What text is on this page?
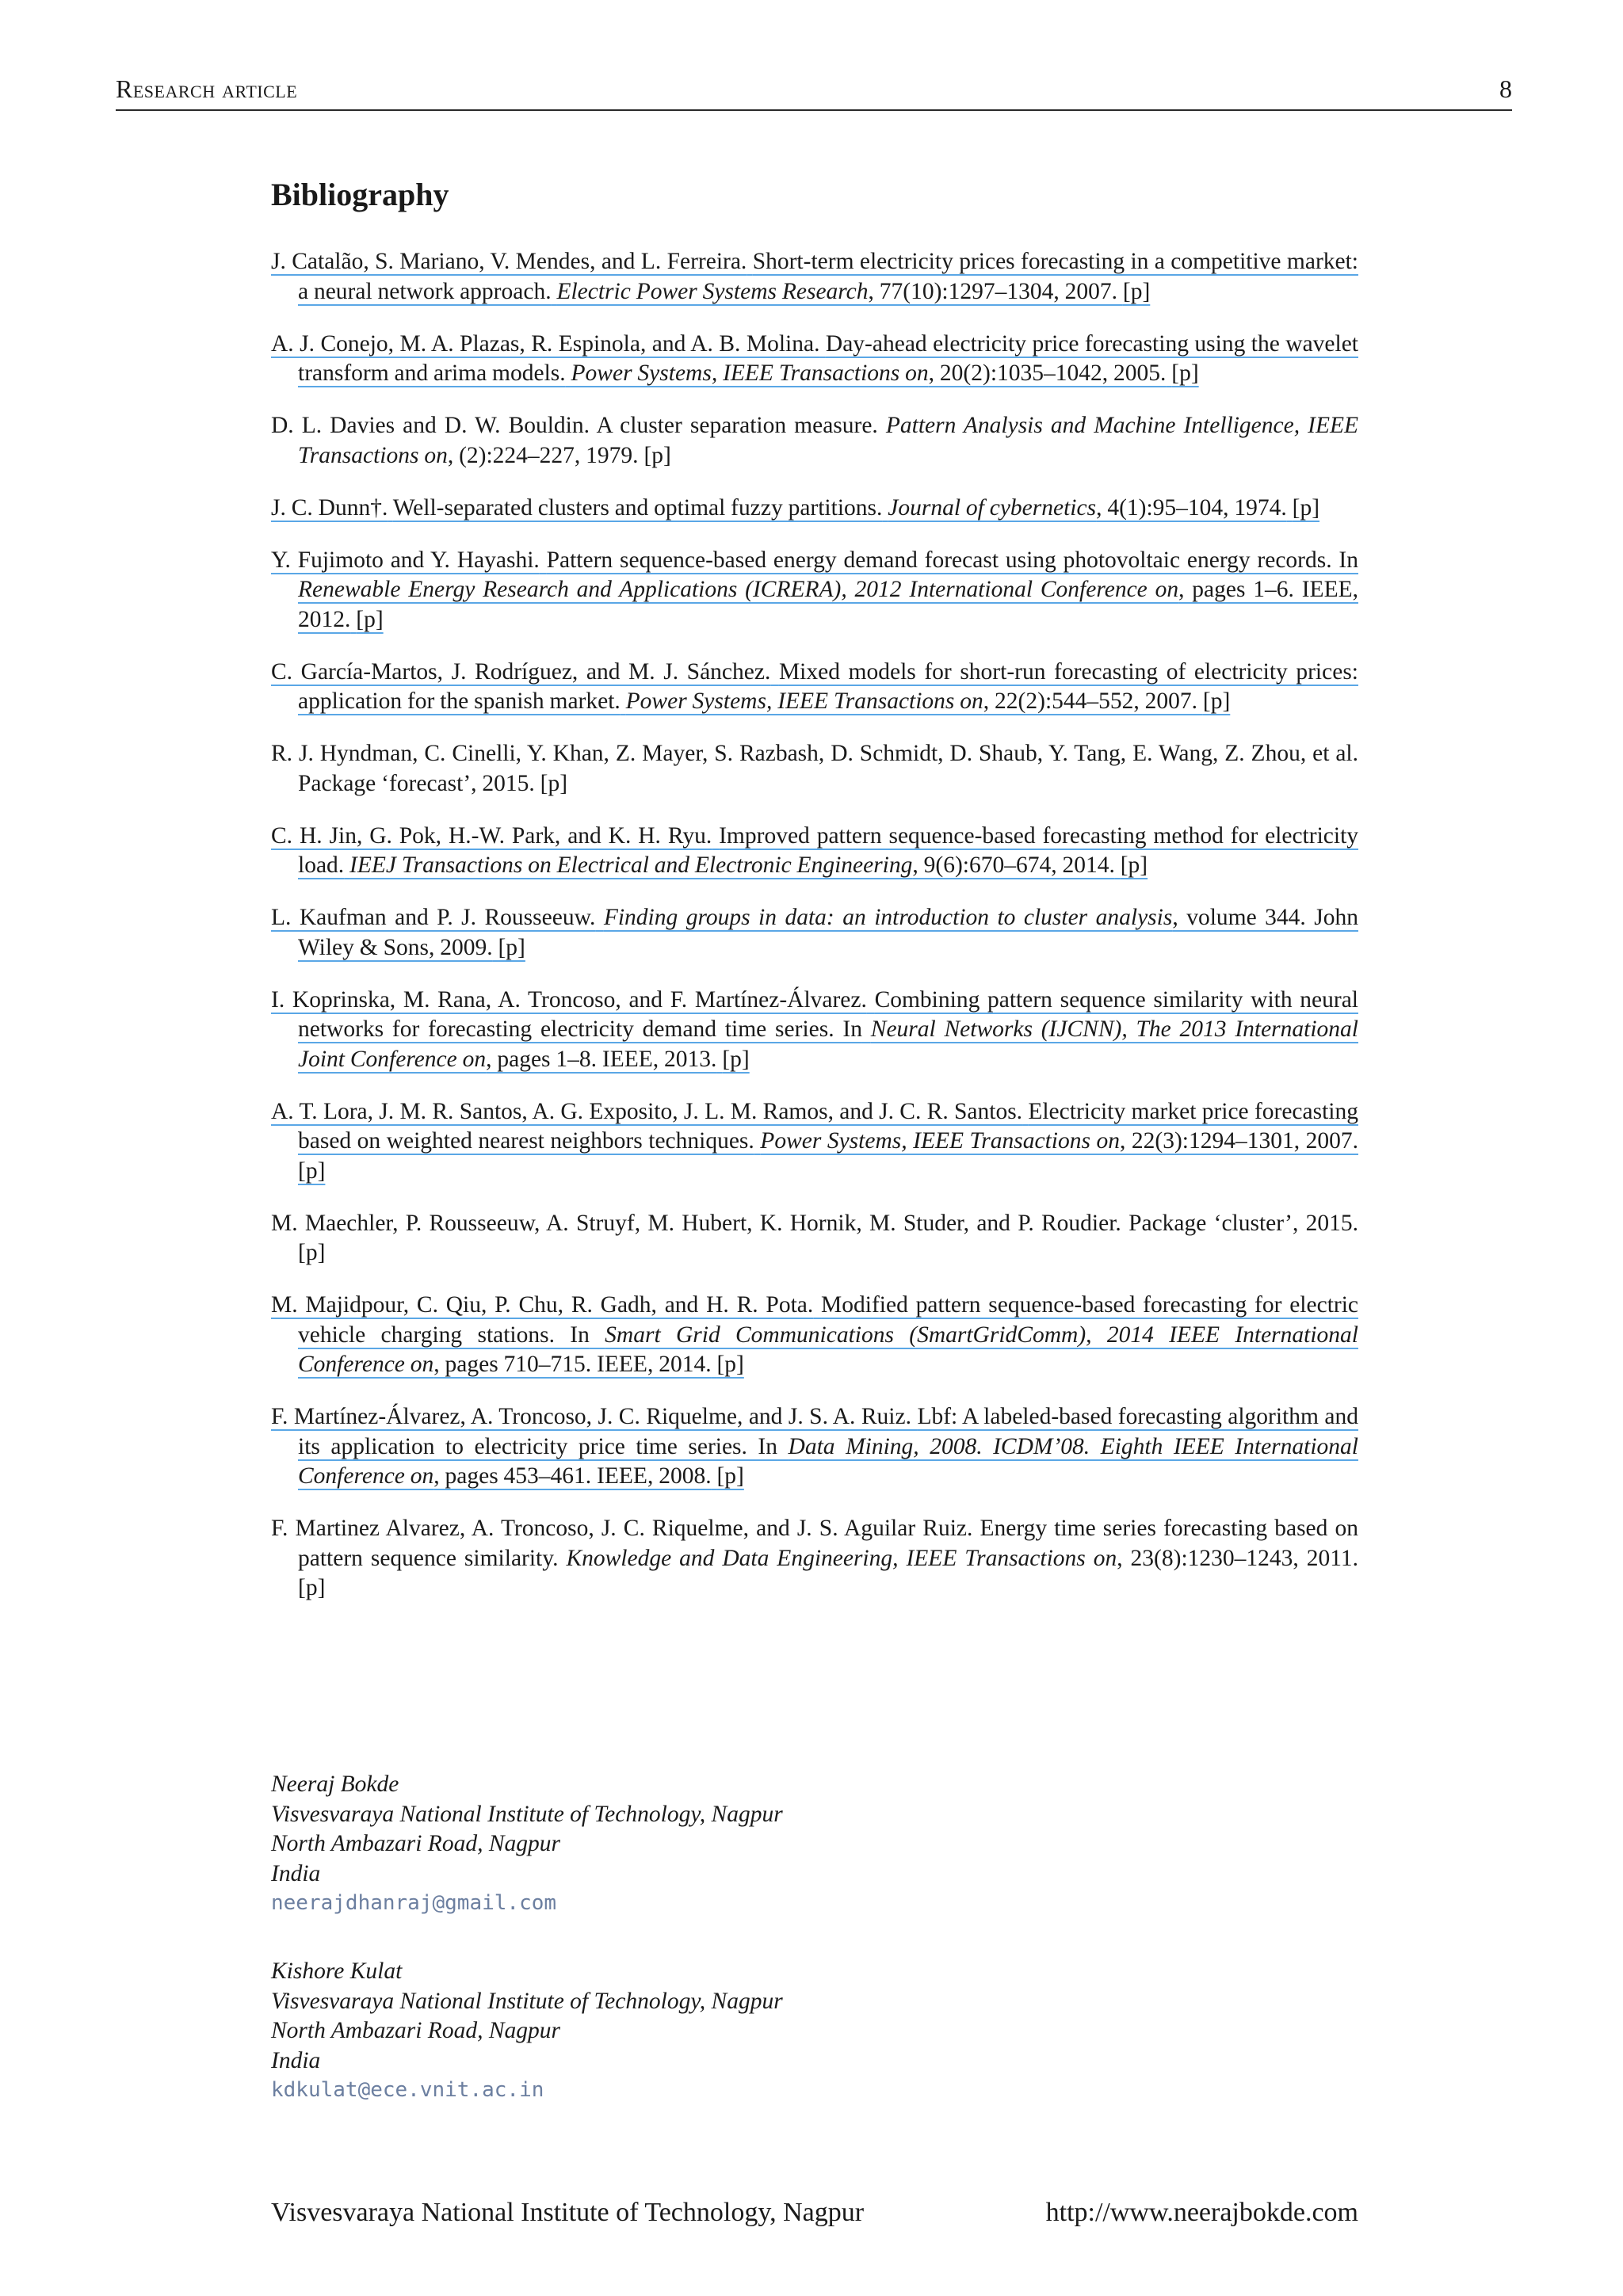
Research article	8
Bibliography
J. Catalão, S. Mariano, V. Mendes, and L. Ferreira. Short-term electricity prices forecasting in a competitive market: a neural network approach. Electric Power Systems Research, 77(10):1297–1304, 2007. [p]
A. J. Conejo, M. A. Plazas, R. Espinola, and A. B. Molina. Day-ahead electricity price forecasting using the wavelet transform and arima models. Power Systems, IEEE Transactions on, 20(2):1035–1042, 2005. [p]
D. L. Davies and D. W. Bouldin. A cluster separation measure. Pattern Analysis and Machine Intelligence, IEEE Transactions on, (2):224–227, 1979. [p]
J. C. Dunn†. Well-separated clusters and optimal fuzzy partitions. Journal of cybernetics, 4(1):95–104, 1974. [p]
Y. Fujimoto and Y. Hayashi. Pattern sequence-based energy demand forecast using photovoltaic energy records. In Renewable Energy Research and Applications (ICRERA), 2012 International Conference on, pages 1–6. IEEE, 2012. [p]
C. García-Martos, J. Rodríguez, and M. J. Sánchez. Mixed models for short-run forecasting of electricity prices: application for the spanish market. Power Systems, IEEE Transactions on, 22(2):544–552, 2007. [p]
R. J. Hyndman, C. Cinelli, Y. Khan, Z. Mayer, S. Razbash, D. Schmidt, D. Shaub, Y. Tang, E. Wang, Z. Zhou, et al. Package ‘forecast’, 2015. [p]
C. H. Jin, G. Pok, H.-W. Park, and K. H. Ryu. Improved pattern sequence-based forecasting method for electricity load. IEEJ Transactions on Electrical and Electronic Engineering, 9(6):670–674, 2014. [p]
L. Kaufman and P. J. Rousseeuw. Finding groups in data: an introduction to cluster analysis, volume 344. John Wiley & Sons, 2009. [p]
I. Koprinska, M. Rana, A. Troncoso, and F. Martínez-Álvarez. Combining pattern sequence similarity with neural networks for forecasting electricity demand time series. In Neural Networks (IJCNN), The 2013 International Joint Conference on, pages 1–8. IEEE, 2013. [p]
A. T. Lora, J. M. R. Santos, A. G. Exposito, J. L. M. Ramos, and J. C. R. Santos. Electricity market price forecasting based on weighted nearest neighbors techniques. Power Systems, IEEE Transactions on, 22(3):1294–1301, 2007. [p]
M. Maechler, P. Rousseeuw, A. Struyf, M. Hubert, K. Hornik, M. Studer, and P. Roudier. Package ‘cluster’, 2015. [p]
M. Majidpour, C. Qiu, P. Chu, R. Gadh, and H. R. Pota. Modified pattern sequence-based forecasting for electric vehicle charging stations. In Smart Grid Communications (SmartGridComm), 2014 IEEE International Conference on, pages 710–715. IEEE, 2014. [p]
F. Martínez-Álvarez, A. Troncoso, J. C. Riquelme, and J. S. A. Ruiz. Lbf: A labeled-based forecasting algorithm and its application to electricity price time series. In Data Mining, 2008. ICDM’08. Eighth IEEE International Conference on, pages 453–461. IEEE, 2008. [p]
F. Martinez Alvarez, A. Troncoso, J. C. Riquelme, and J. S. Aguilar Ruiz. Energy time series forecasting based on pattern sequence similarity. Knowledge and Data Engineering, IEEE Transactions on, 23(8):1230–1243, 2011. [p]
Neeraj Bokde
Visvesvaraya National Institute of Technology, Nagpur
North Ambazari Road, Nagpur
India
neerajdhanraj@gmail.com
Kishore Kulat
Visvesvaraya National Institute of Technology, Nagpur
North Ambazari Road, Nagpur
India
kdkulat@ece.vnit.ac.in
Visvesvaraya National Institute of Technology, Nagpur	http://www.neerajbokde.com
